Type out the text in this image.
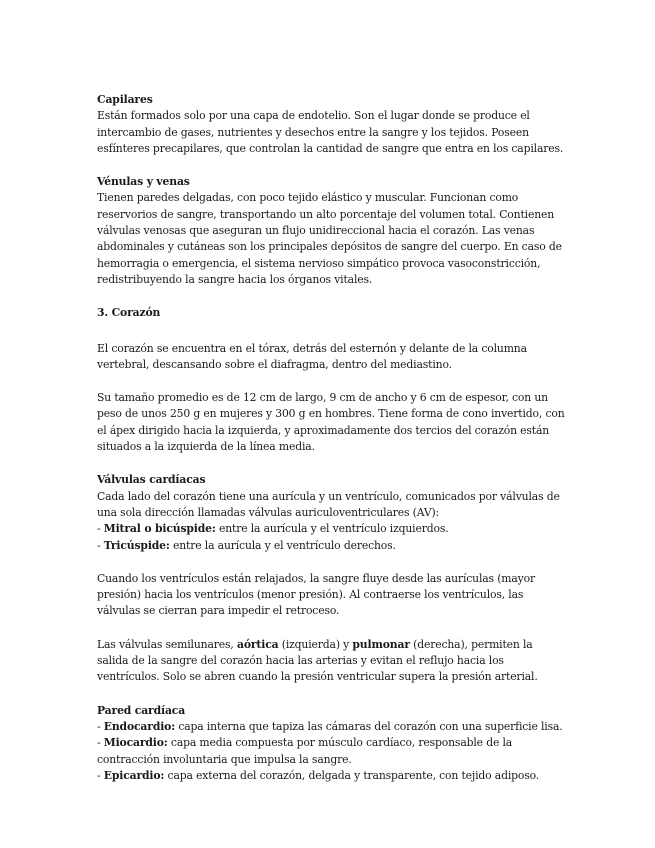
Capilares

Están formados solo por una capa de endotelio. Son el lugar donde se produce el intercambio de gases, nutrientes y desechos entre la sangre y los tejidos. Poseen esfínteres precapilares, que controlan la cantidad de sangre que entra en los capilares.

Vénulas y venas

Tienen paredes delgadas, con poco tejido elástico y muscular. Funcionan como reservorios de sangre, transportando un alto porcentaje del volumen total. Contienen válvulas venosas que aseguran un flujo unidireccional hacia el corazón. Las venas abdominales y cutáneas son los principales depósitos de sangre del cuerpo. En caso de hemorragia o emergencia, el sistema nervioso simpático provoca vasoconstricción, redistribuyendo la sangre hacia los órganos vitales.

3. Corazón

El corazón se encuentra en el tórax, detrás del esternón y delante de la columna vertebral, descansando sobre el diafragma, dentro del mediastino.

Su tamaño promedio es de 12 cm de largo, 9 cm de ancho y 6 cm de espesor, con un peso de unos 250 g en mujeres y 300 g en hombres. Tiene forma de cono invertido, con el ápex dirigido hacia la izquierda, y aproximadamente dos tercios del corazón están situados a la izquierda de la línea media.

Válvulas cardíacas

Cada lado del corazón tiene una aurícula y un ventrículo, comunicados por válvulas de una sola dirección llamadas válvulas auriculoventriculares (AV):

- Mitral o bicúspide: entre la aurícula y el ventrículo izquierdos.

- Tricúspide: entre la aurícula y el ventrículo derechos.

Cuando los ventrículos están relajados, la sangre fluye desde las aurículas (mayor presión) hacia los ventrículos (menor presión). Al contraerse los ventrículos, las válvulas se cierran para impedir el retroceso.

Las válvulas semilunares, aórtica (izquierda) y pulmonar (derecha), permiten la salida de la sangre del corazón hacia las arterias y evitan el reflujo hacia los ventrículos. Solo se abren cuando la presión ventricular supera la presión arterial.

Pared cardíaca

- Endocardio: capa interna que tapiza las cámaras del corazón con una superficie lisa.

- Miocardio: capa media compuesta por músculo cardíaco, responsable de la contracción involuntaria que impulsa la sangre.

- Epicardio: capa externa del corazón, delgada y transparente, con tejido adiposo.
